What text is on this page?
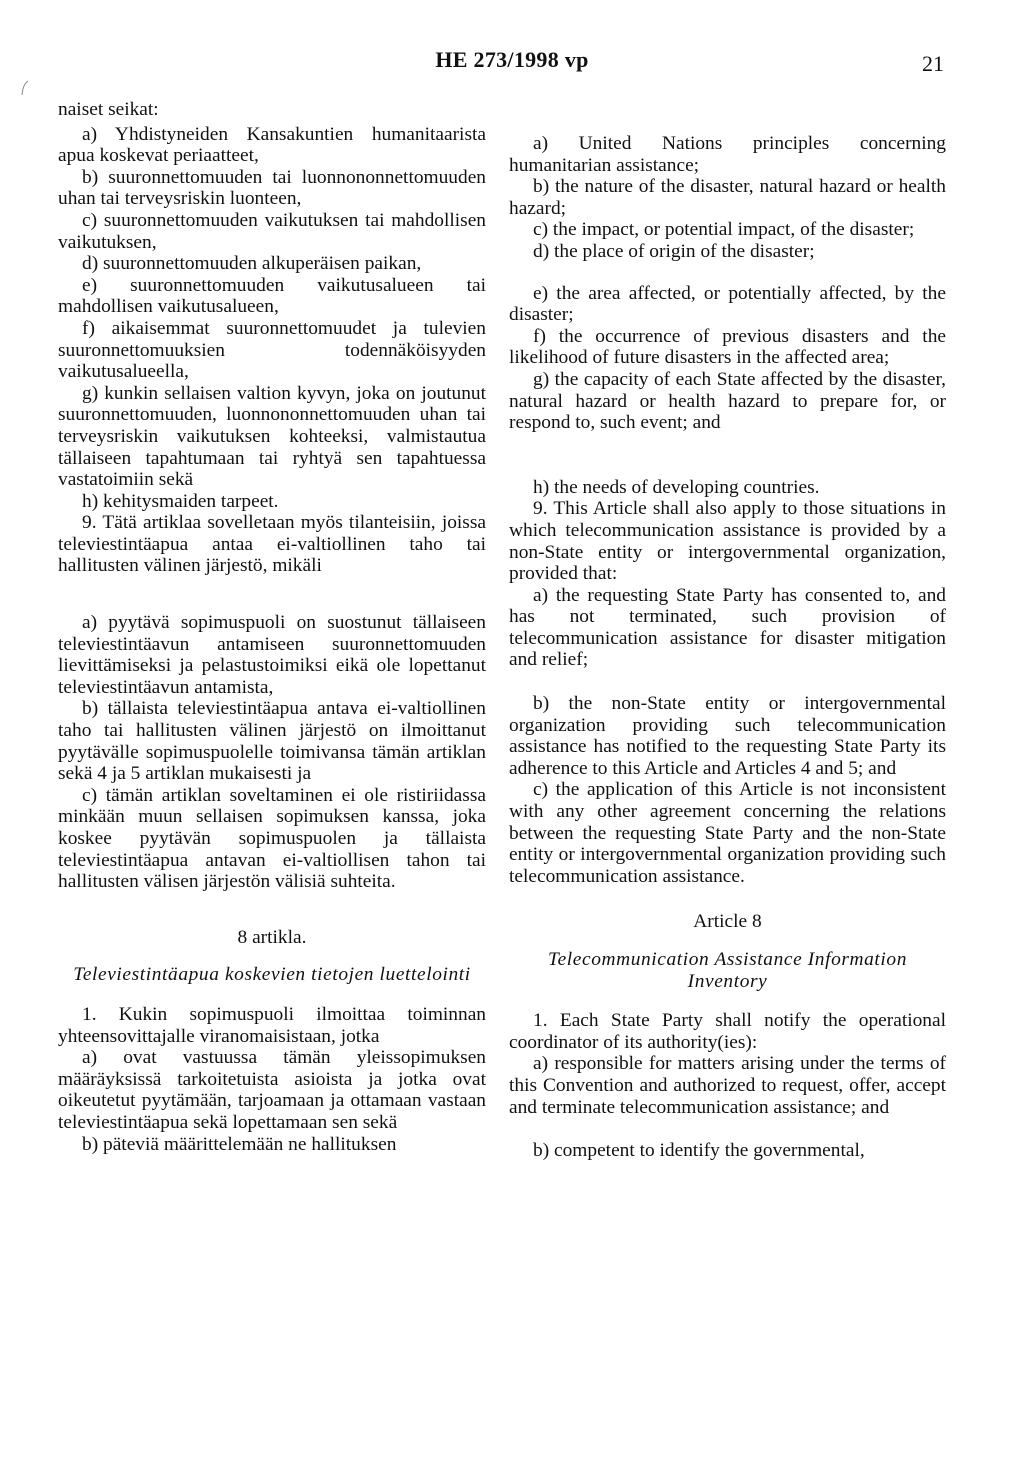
HE 273/1998 vp	21
naiset seikat:
a) Yhdistyneiden Kansakuntien humanitaarista apua koskevat periaatteet,
b) suuronnettomuuden tai luonnononnettomuuden uhan tai terveysriskin luonteen,
c) suuronnettomuuden vaikutuksen tai mahdollisen vaikutuksen,
d) suuronnettomuuden alkuperäisen paikan,
e) suuronnettomuuden vaikutusalueen tai mahdollisen vaikutusalueen,
f) aikaisemmat suuronnettomuudet ja tulevien suuronnettomuuksien todennäköisyyden vaikutusalueella,
g) kunkin sellaisen valtion kyvyn, joka on joutunut suuronnettomuuden, luonnononnettomuuden uhan tai terveysriskin vaikutuksen kohteeksi, valmistautua tällaiseen tapahtumaan tai ryhtyä sen tapahtuessa vastatoimiin sekä
h) kehitysmaiden tarpeet.
9. Tätä artiklaa sovelletaan myös tilanteisiin, joissa televiestintäapua antaa ei-valtiollinen taho tai hallitusten välinen järjestö, mikäli
a) pyytävä sopimuspuoli on suostunut tällaiseen televiestintäavun antamiseen suuronnettomuuden lievittämiseksi ja pelastustoimiksi eikä ole lopettanut televiestintäavun antamista,
b) tällaista televiestintäapua antava ei-valtiollinen taho tai hallitusten välinen järjestö on ilmoittanut pyytävälle sopimuspuolelle toimivansa tämän artiklan sekä 4 ja 5 artiklan mukaisesti ja
c) tämän artiklan soveltaminen ei ole ristiriidassa minkään muun sellaisen sopimuksen kanssa, joka koskee pyytävän sopimuspuolen ja tällaista televiestintäapua antavan ei-valtiollisen tahon tai hallitusten välisen järjestön välisiä suhteita.
8 artikla.
Televiestintäapua koskevien tietojen luettelointi
1. Kukin sopimuspuoli ilmoittaa toiminnan yhteensovittajalle viranomaisistaan, jotka
a) ovat vastuussa tämän yleissopimuksen määräyksissä tarkoitetuista asioista ja jotka ovat oikeutetut pyytämään, tarjoamaan ja ottamaan vastaan televiestintäapua sekä lopettamaan sen sekä
b) päteviä määrittelemään ne hallituksen
a) United Nations principles concerning humanitarian assistance;
b) the nature of the disaster, natural hazard or health hazard;
c) the impact, or potential impact, of the disaster;
d) the place of origin of the disaster;
e) the area affected, or potentially affected, by the disaster;
f) the occurrence of previous disasters and the likelihood of future disasters in the affected area;
g) the capacity of each State affected by the disaster, natural hazard or health hazard to prepare for, or respond to, such event; and
h) the needs of developing countries.
9. This Article shall also apply to those situations in which telecommunication assistance is provided by a non-State entity or intergovernmental organization, provided that:
a) the requesting State Party has consented to, and has not terminated, such provision of telecommunication assistance for disaster mitigation and relief;
b) the non-State entity or intergovernmental organization providing such telecommunication assistance has notified to the requesting State Party its adherence to this Article and Articles 4 and 5; and
c) the application of this Article is not inconsistent with any other agreement concerning the relations between the requesting State Party and the non-State entity or intergovernmental organization providing such telecommunication assistance.
Article 8
Telecommunication Assistance Information Inventory
1. Each State Party shall notify the operational coordinator of its authority(ies):
a) responsible for matters arising under the terms of this Convention and authorized to request, offer, accept and terminate telecommunication assistance; and
b) competent to identify the governmental,
